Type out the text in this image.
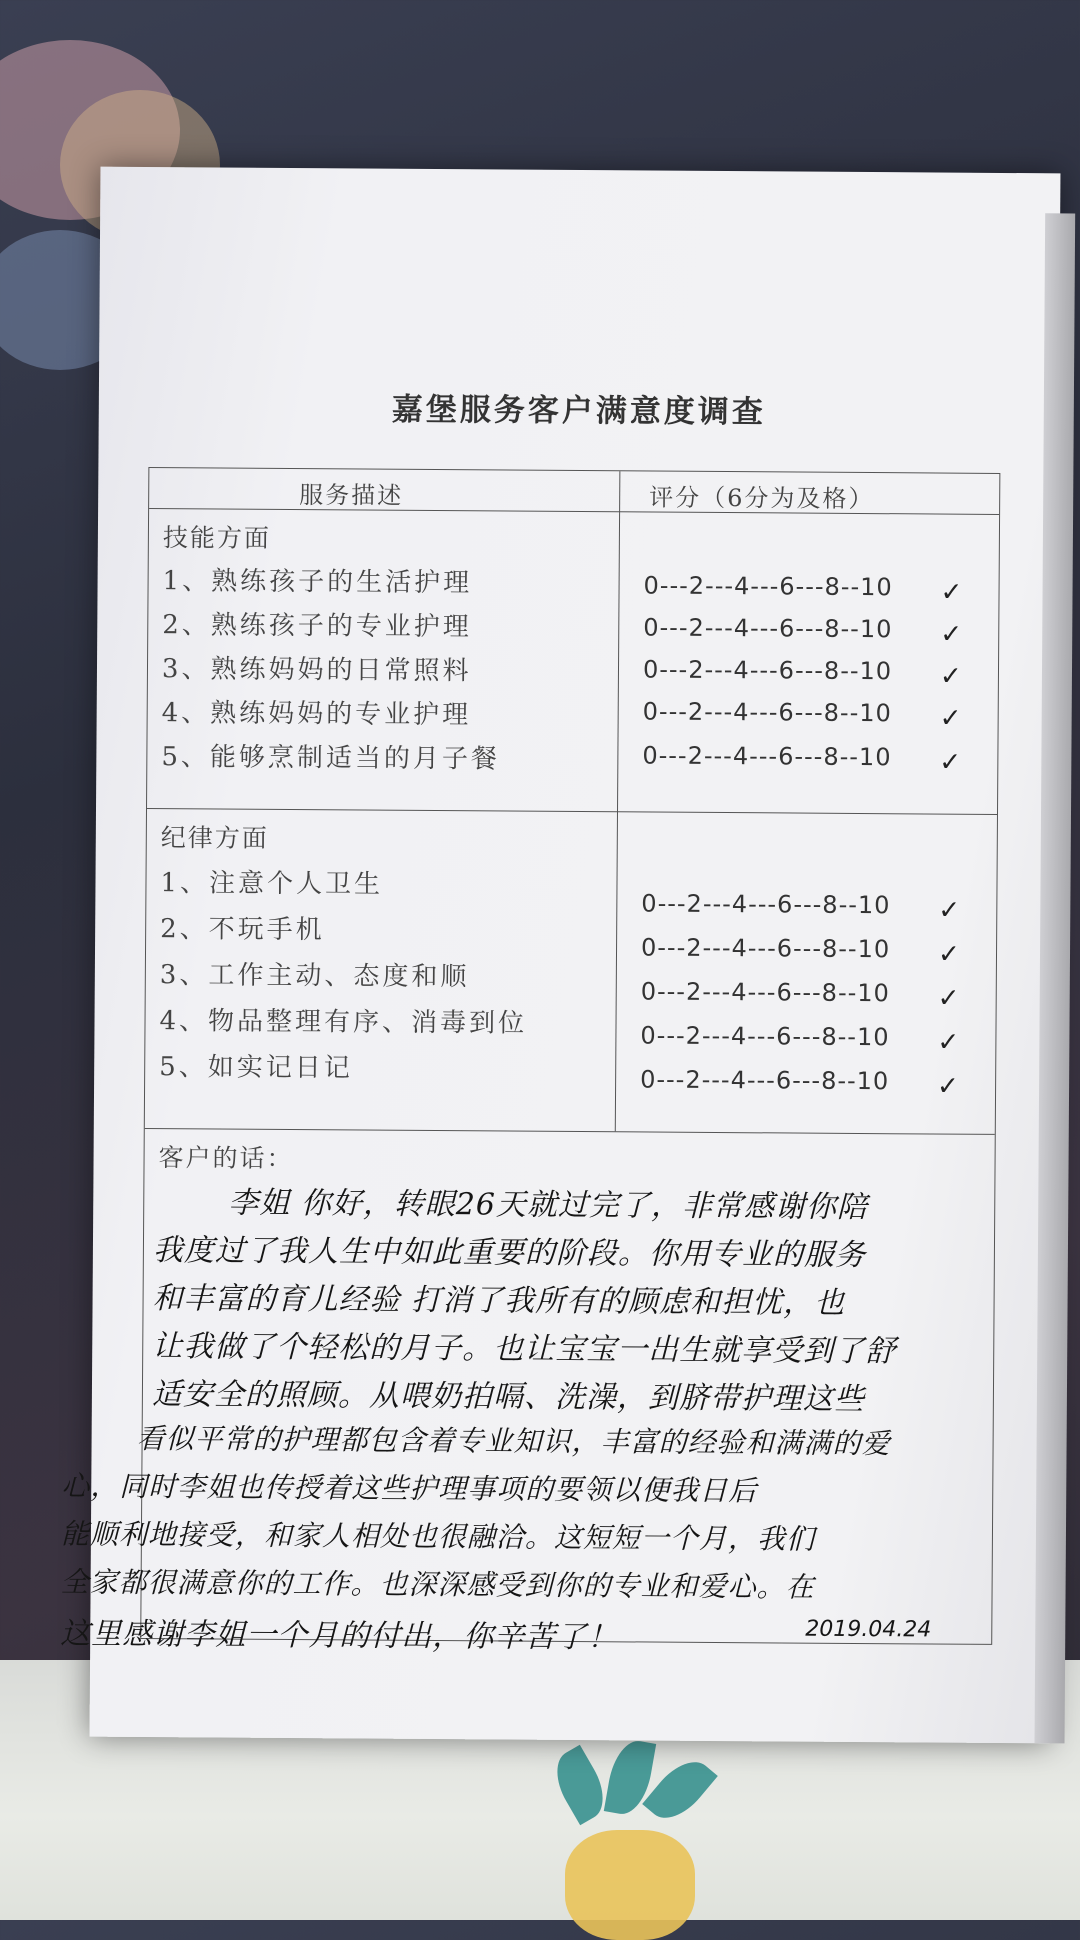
嘉堡服务客户满意度调查
服务描述	评分（6分为及格）
技能方面
1、熟练孩子的生活护理
2、熟练孩子的专业护理
3、熟练妈妈的日常照料
4、熟练妈妈的专业护理
5、能够烹制适当的月子餐
0---2---4---6---8--10
0---2---4---6---8--10
0---2---4---6---8--10
0---2---4---6---8--10
0---2---4---6---8--10
✓
✓
✓
✓
✓
纪律方面
1、注意个人卫生
2、不玩手机
3、工作主动、态度和顺
4、物品整理有序、消毒到位
5、如实记日记
0---2---4---6---8--10
0---2---4---6---8--10
0---2---4---6---8--10
0---2---4---6---8--10
0---2---4---6---8--10
✓
✓
✓
✓
✓
客户的话：
李姐 你好，转眼26天就过完了，非常感谢你陪
我度过了我人生中如此重要的阶段。你用专业的服务
和丰富的育儿经验 打消了我所有的顾虑和担忧，也
让我做了个轻松的月子。也让宝宝一出生就享受到了舒
适安全的照顾。从喂奶拍嗝、洗澡，到脐带护理这些
看似平常的护理都包含着专业知识，丰富的经验和满满的爱
心，同时李姐也传授着这些护理事项的要领以便我日后
能顺利地接受，和家人相处也很融洽。这短短一个月，我们
全家都很满意你的工作。也深深感受到你的专业和爱心。在
这里感谢李姐一个月的付出，你辛苦了！	2019.04.24
